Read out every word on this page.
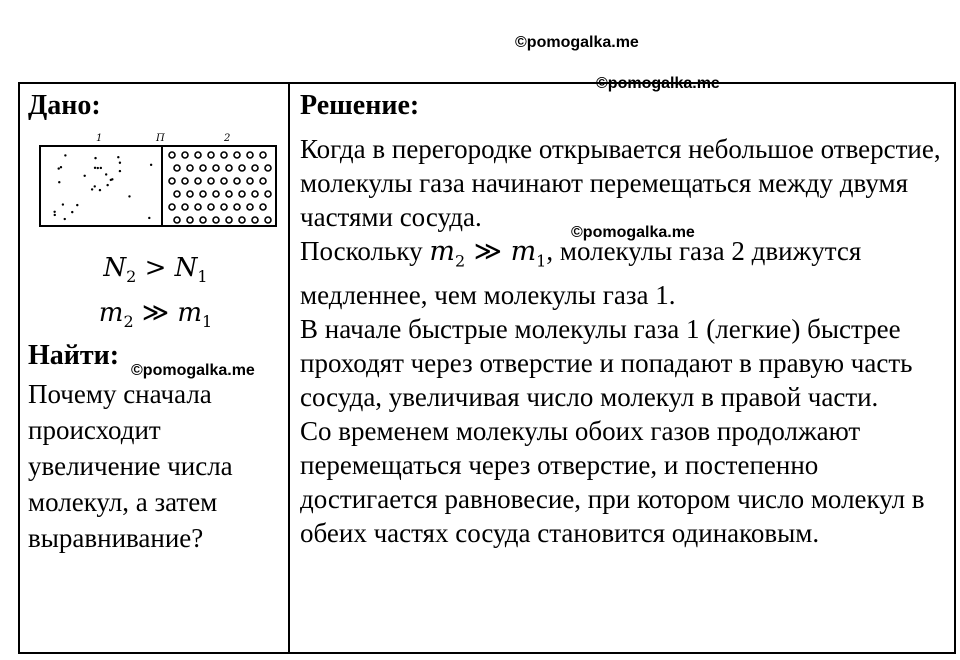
©pomogalka.me
©pomogalka.me
Дано:
1	П	2
$N_2 > N_1$
$m_2$ ≫ $m_1$
Найти:

Почему сначала происходит увеличение числа молекул, а затем выравнивание?

Решение:

Когда в перегородке открывается небольшое отверстие, молекулы газа начинают перемещаться между двумя частями сосуда.

Поскольку $m_2$ ≫ $m_1$, молекулы газа 2 движутся медленнее, чем молекулы газа 1.

В начале быстрые молекулы газа 1 (легкие) быстрее проходят через отверстие и попадают в правую часть сосуда, увеличивая число молекул в правой части.

Со временем молекулы обоих газов продолжают перемещаться через отверстие, и постепенно достигается равновесие, при котором число молекул в обеих частях сосуда становится одинаковым.

©pomogalka.me
©pomogalka.me
